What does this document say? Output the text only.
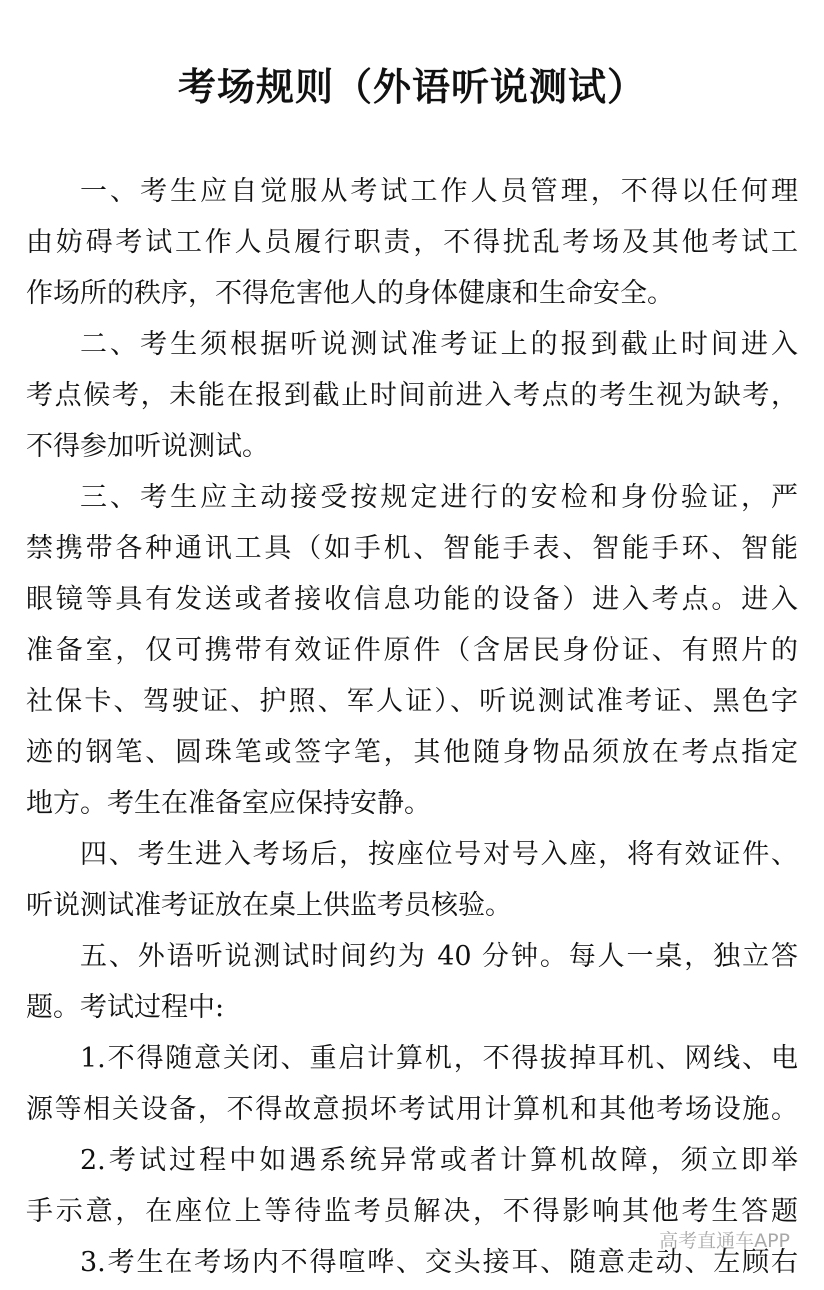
考场规则（外语听说测试）
一、考生应自觉服从考试工作人员管理，不得以任何理
由妨碍考试工作人员履行职责，不得扰乱考场及其他考试工
作场所的秩序，不得危害他人的身体健康和生命安全。
二、考生须根据听说测试准考证上的报到截止时间进入
考点候考，未能在报到截止时间前进入考点的考生视为缺考，
不得参加听说测试。
三、考生应主动接受按规定进行的安检和身份验证，严
禁携带各种通讯工具（如手机、智能手表、智能手环、智能
眼镜等具有发送或者接收信息功能的设备）进入考点。进入
准备室，仅可携带有效证件原件（含居民身份证、有照片的
社保卡、驾驶证、护照、军人证）、听说测试准考证、黑色字
迹的钢笔、圆珠笔或签字笔，其他随身物品须放在考点指定
地方。考生在准备室应保持安静。
四、考生进入考场后，按座位号对号入座，将有效证件、
听说测试准考证放在桌上供监考员核验。
五、外语听说测试时间约为 40 分钟。每人一桌，独立答
题。考试过程中:
1.不得随意关闭、重启计算机，不得拔掉耳机、网线、电
源等相关设备，不得故意损坏考试用计算机和其他考场设施。
2.考试过程中如遇系统异常或者计算机故障，须立即举
手示意，在座位上等待监考员解决，不得影响其他考生答题
3.考生在考场内不得喧哗、交头接耳、随意走动、左顾右
高考直通车APP
